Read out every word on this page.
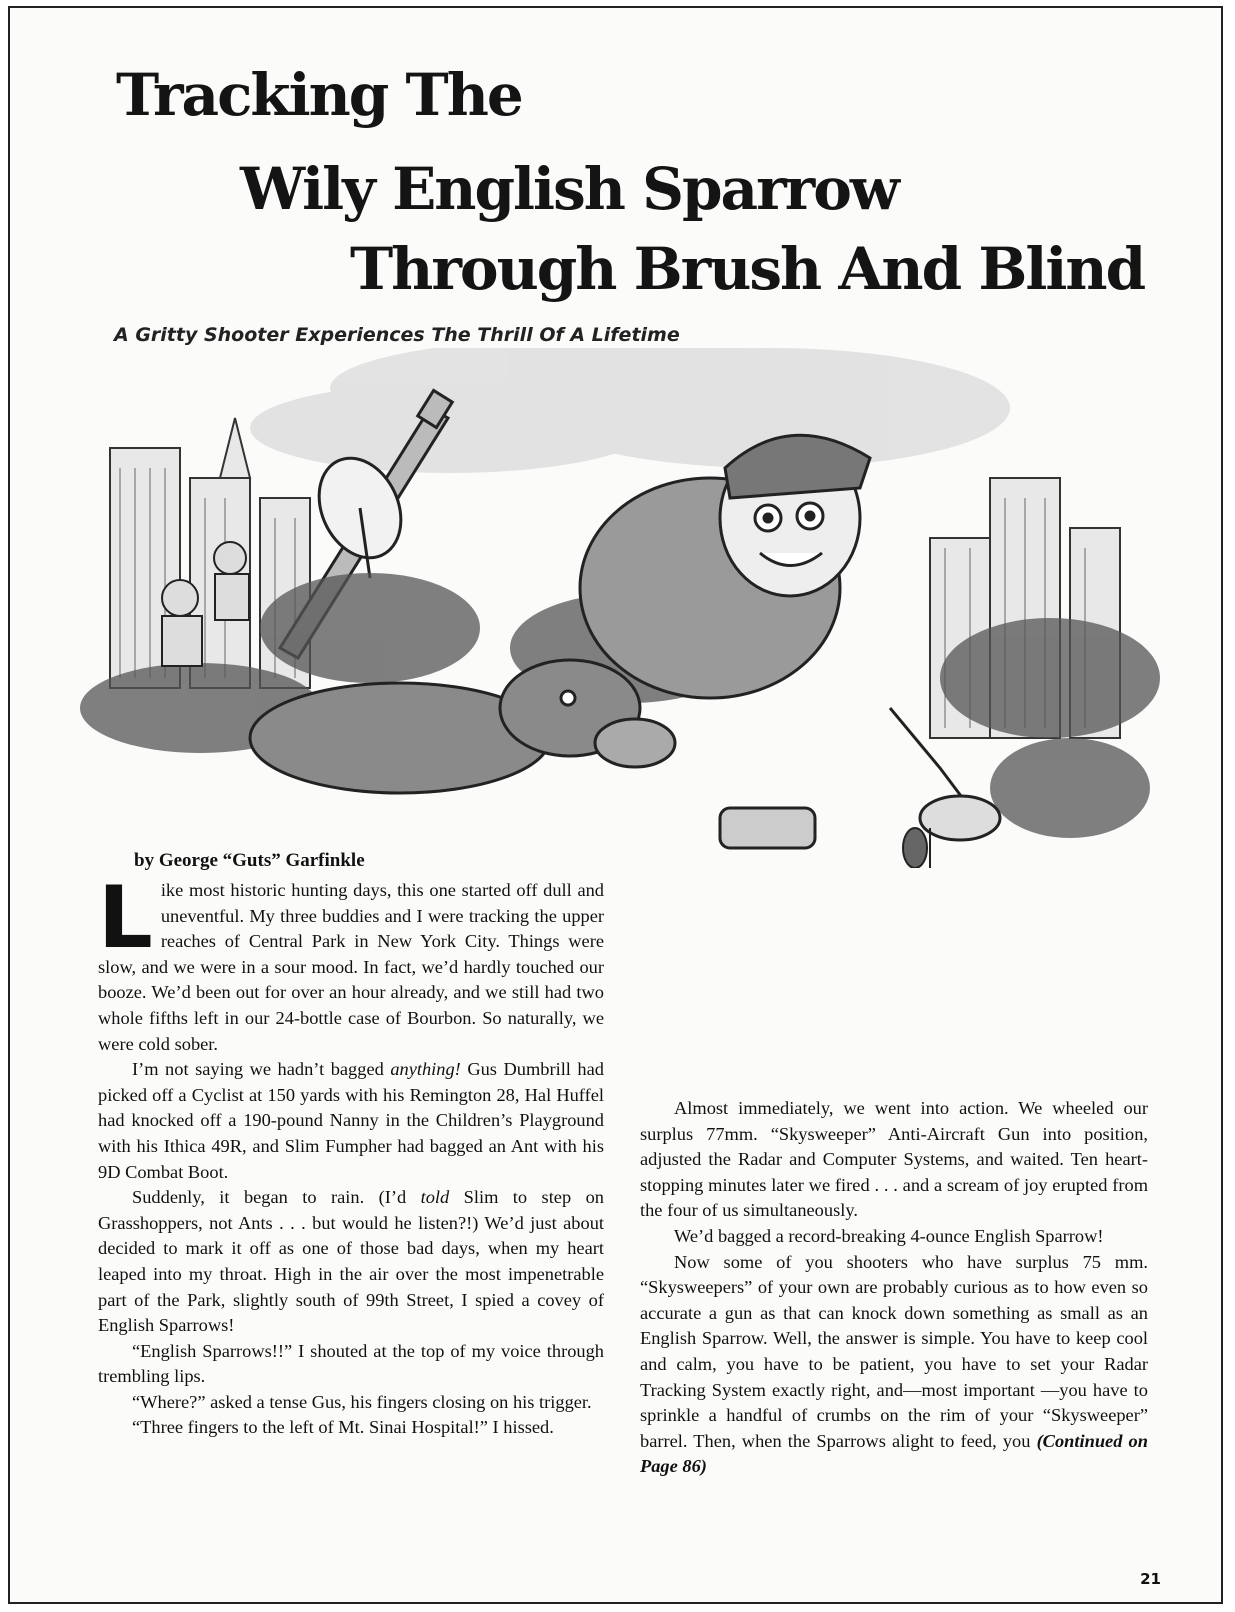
Tracking The
Wily English Sparrow
Through Brush And Blind
A Gritty Shooter Experiences The Thrill Of A Lifetime
by George “Guts” Garfinkle

Like most historic hunting days, this one started off dull and uneventful. My three buddies and I were tracking the upper reaches of Central Park in New York City. Things were slow, and we were in a sour mood. In fact, we’d hardly touched our booze. We’d been out for over an hour already, and we still had two whole fifths left in our 24-bottle case of Bourbon. So naturally, we were cold sober.

I’m not saying we hadn’t bagged anything! Gus Dumbrill had picked off a Cyclist at 150 yards with his Remington 28, Hal Huffel had knocked off a 190-pound Nanny in the Children’s Playground with his Ithica 49R, and Slim Fumpher had bagged an Ant with his 9D Combat Boot.

Suddenly, it began to rain. (I’d told Slim to step on Grasshoppers, not Ants . . . but would he listen?!) We’d just about decided to mark it off as one of those bad days, when my heart leaped into my throat. High in the air over the most impenetrable part of the Park, slightly south of 99th Street, I spied a covey of English Sparrows!

“English Sparrows!!” I shouted at the top of my voice through trembling lips.

“Where?” asked a tense Gus, his fingers closing on his trigger.

“Three fingers to the left of Mt. Sinai Hospital!” I hissed.

Almost immediately, we went into action. We wheeled our surplus 77mm. “Skysweeper” Anti-Aircraft Gun into position, adjusted the Radar and Computer Systems, and waited. Ten heart-stopping minutes later we fired . . . and a scream of joy erupted from the four of us simultaneously.

We’d bagged a record-breaking 4-ounce English Sparrow!

Now some of you shooters who have surplus 75 mm. “Skysweepers” of your own are probably curious as to how even so accurate a gun as that can knock down something as small as an English Sparrow. Well, the answer is simple. You have to keep cool and calm, you have to be patient, you have to set your Radar Tracking System exactly right, and—most important —you have to sprinkle a handful of crumbs on the rim of your “Skysweeper” barrel. Then, when the Sparrows alight to feed, you (Continued on Page 86)

21
